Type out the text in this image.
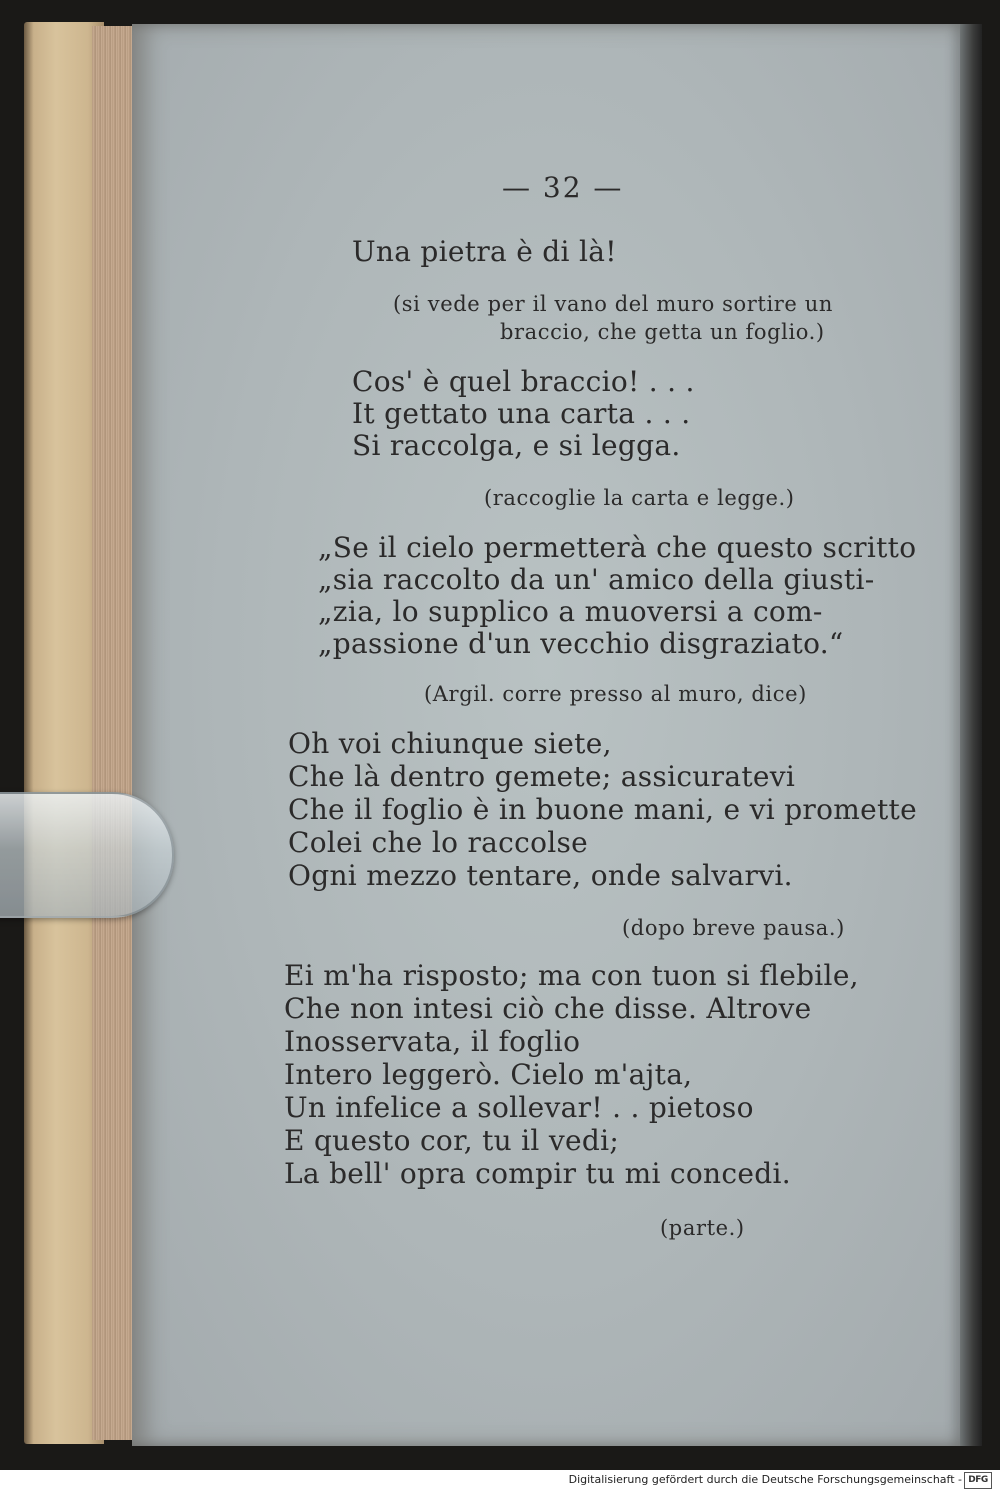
— 32 —
Una pietra è di là!
(si vede per il vano del muro sortire un
braccio, che getta un foglio.)
Cos' è quel braccio! . . .
It gettato una carta . . .
Si raccolga, e si legga.
(raccoglie la carta e legge.)
„Se il cielo permetterà che questo scritto
„sia raccolto da un' amico della giusti-
„zia, lo supplico a muoversi a com-
„passione d'un vecchio disgraziato.“
(Argil. corre presso al muro, dice)
Oh voi chiunque siete,
Che là dentro gemete; assicuratevi
Che il foglio è in buone mani, e vi promette
Colei che lo raccolse
Ogni mezzo tentare, onde salvarvi.
(dopo breve pausa.)
Ei m'ha risposto; ma con tuon si flebile,
Che non intesi ciò che disse. Altrove
Inosservata, il foglio
Intero leggerò. Cielo m'ajta,
Un infelice a sollevar! . . pietoso
E questo cor, tu il vedi;
La bell' opra compir tu mi concedi.
(parte.)
Digitalisierung gefördert durch die Deutsche Forschungsgemeinschaft - DFG
